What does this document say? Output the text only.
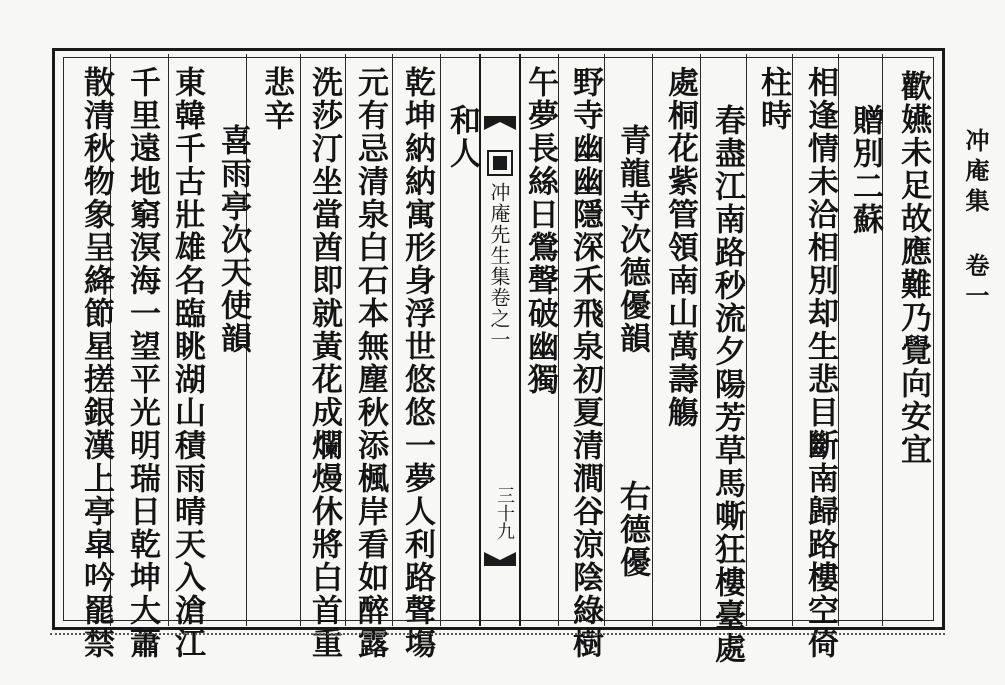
歡嬿未足故應難乃覺向安宜
贈別二蘇
相逢情未洽相別却生悲目斷南歸路樓空倚
柱時
春盡江南路秒流夕陽芳草馬嘶狂樓臺處
處桐花紫管領南山萬壽觴
青龍寺次德優韻
右德優
野寺幽幽隱深禾飛泉初夏清澗谷涼陰綠樹
午夢長絲日鶯聲破幽獨
冲庵先生集卷之一
三十九
和人
乾坤納納寓形身浮世悠悠一夢人利路聲塲
元有忌清泉白石本無塵秋添楓岸看如醉露
洗莎汀坐當酋即就黃花成爛熳休將白首重
悲辛
喜雨亭次天使韻
東韓千古壯雄名臨眺湖山積雨晴天入滄江
千里遠地窮溟海一望平光明瑞日乾坤大蕭
散清秋物象呈絳節星搓銀漢上亭皐吟罷禁	冲庵集 卷一
